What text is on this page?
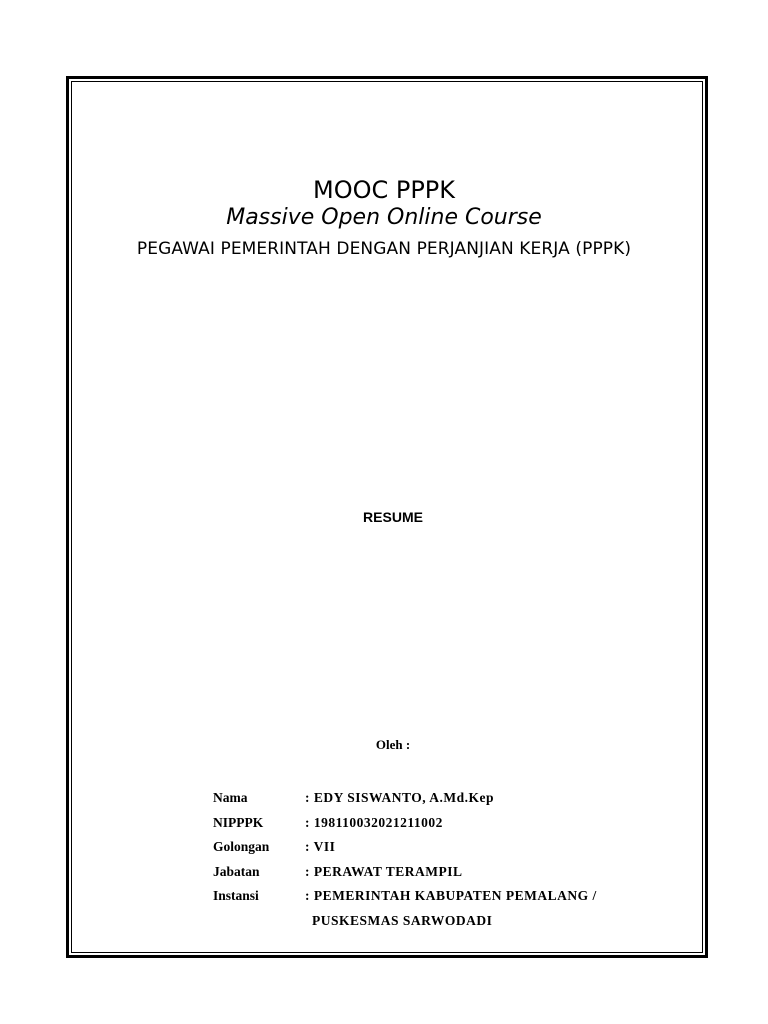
MOOC PPPK
Massive Open Online Course
PEGAWAI PEMERINTAH DENGAN PERJANJIAN KERJA (PPPK)
RESUME
Oleh :
Nama	: EDY SISWANTO, A.Md.Kep
NIPPPK	: 198110032021211002
Golongan	: VII
Jabatan	: PERAWAT TERAMPIL
Instansi	: PEMERINTAH KABUPATEN PEMALANG /
PUSKESMAS SARWODADI
